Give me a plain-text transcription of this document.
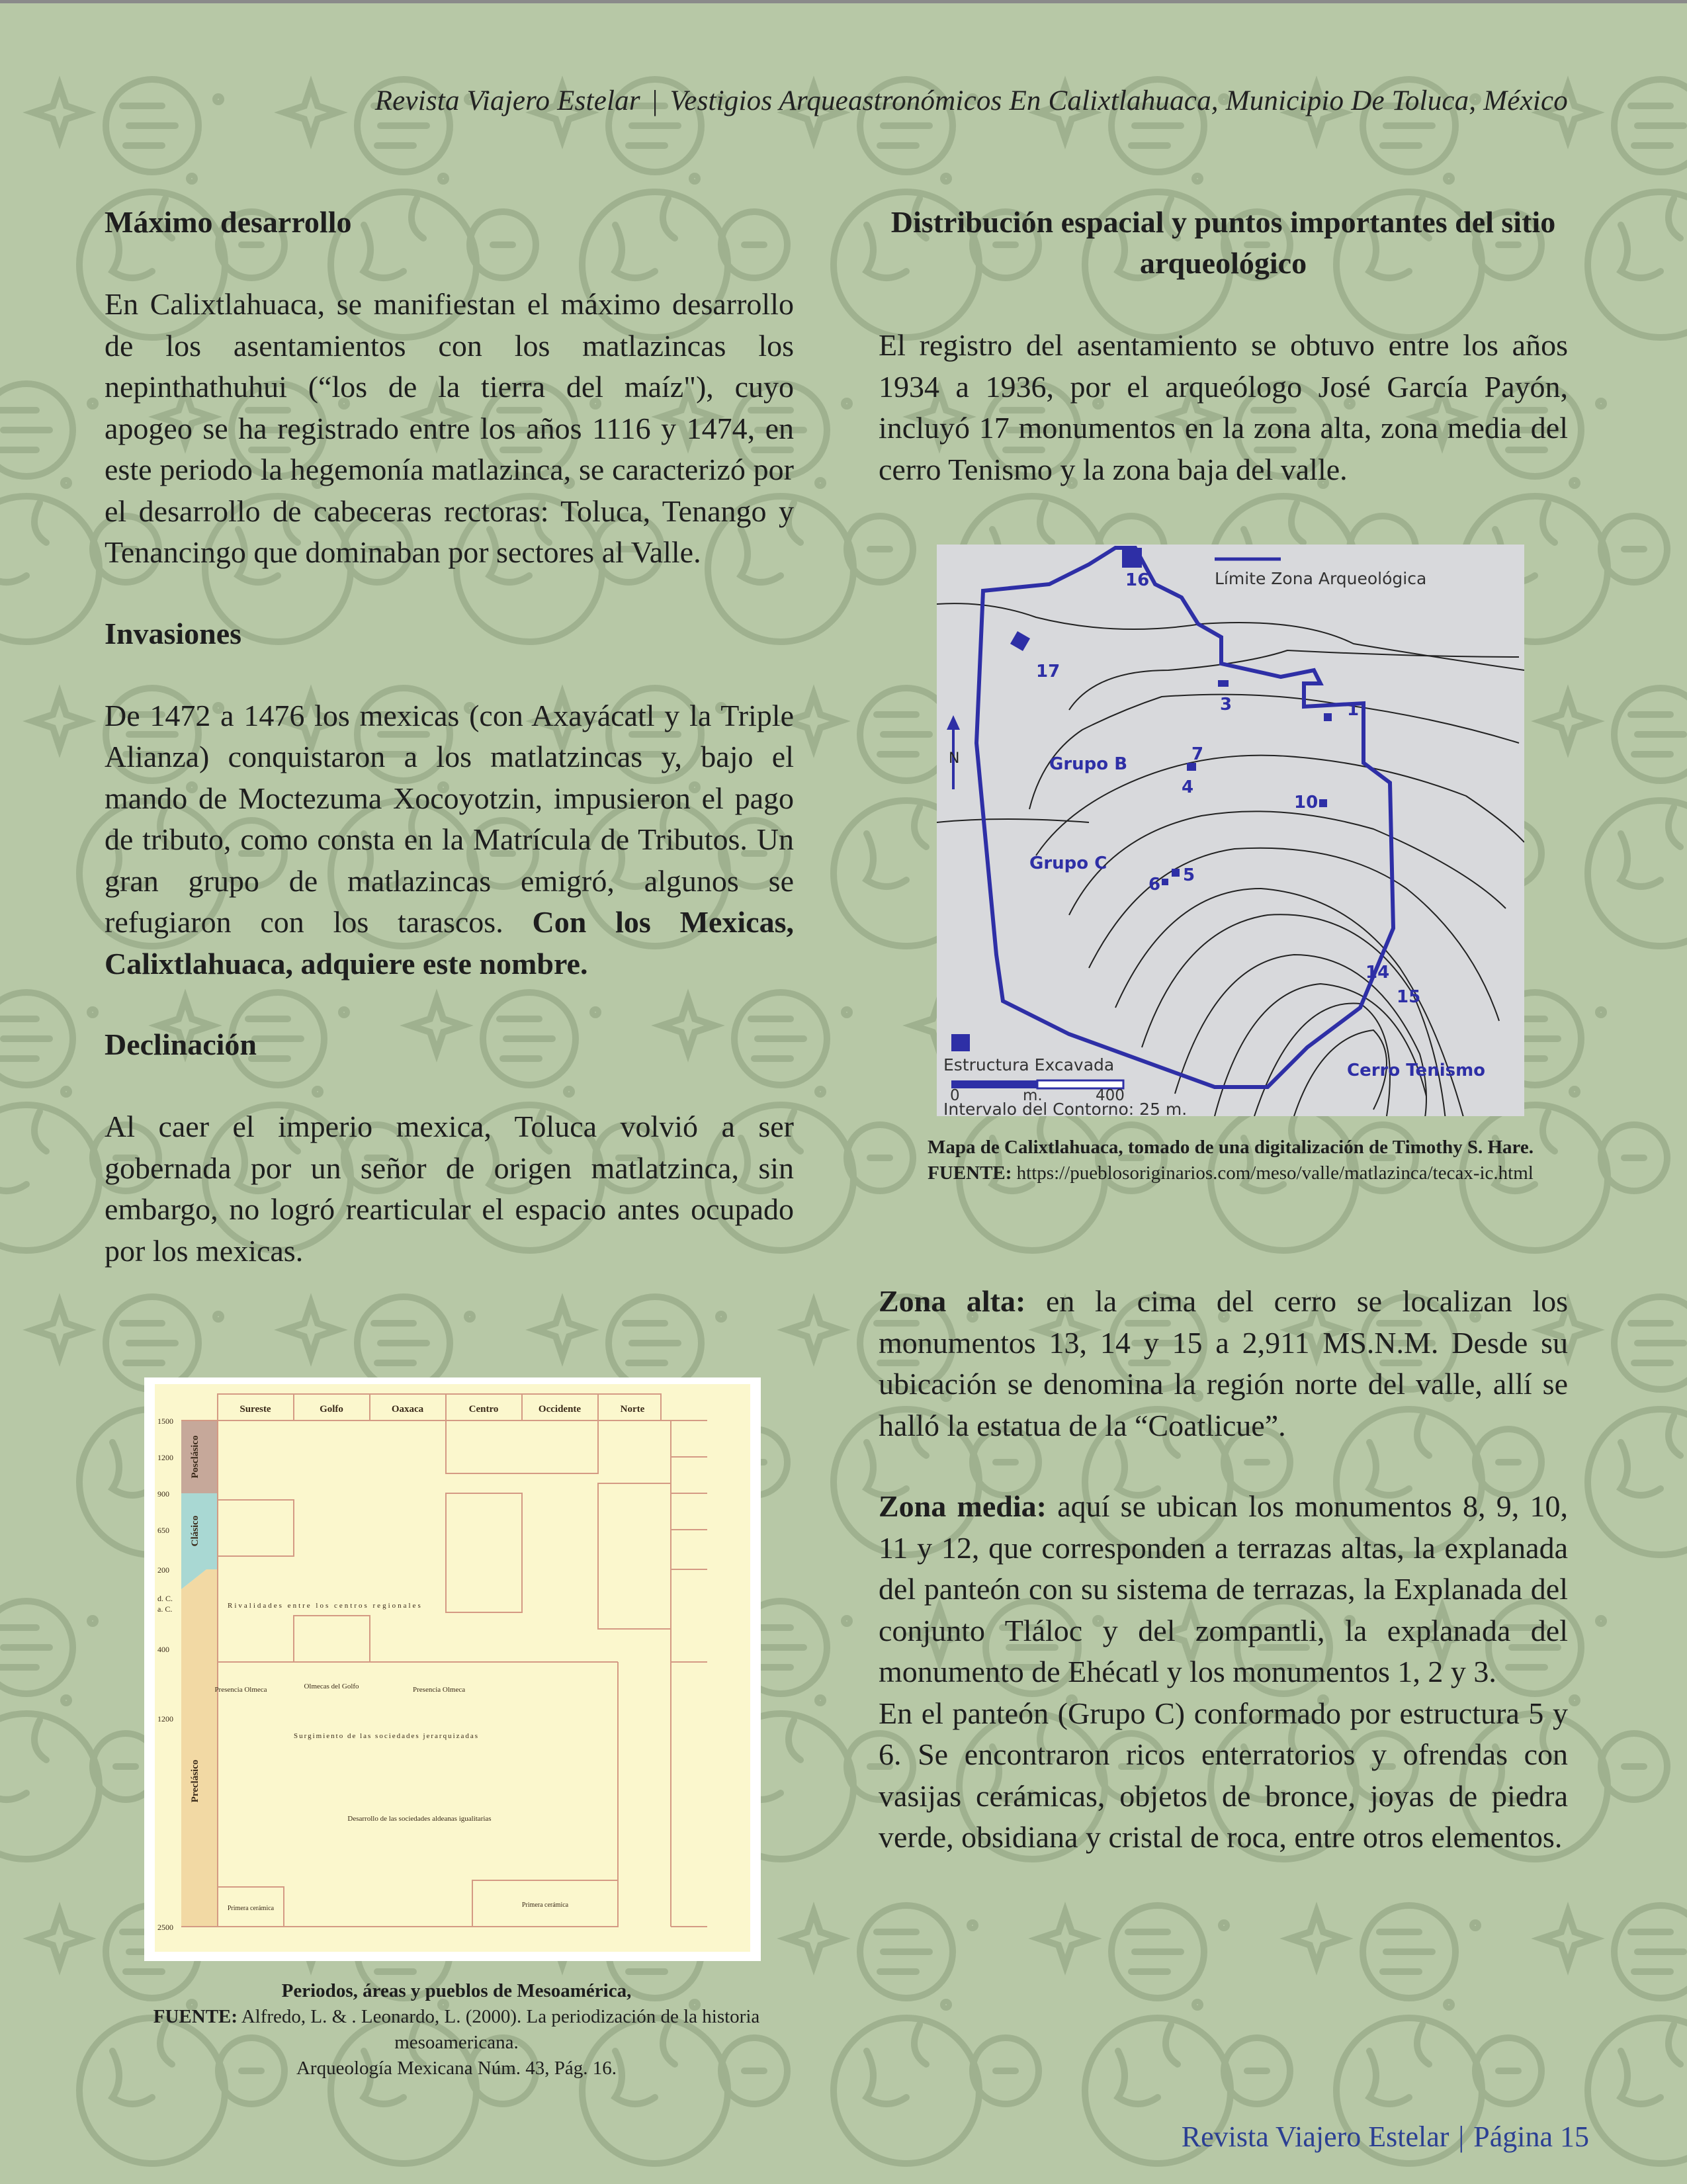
Revista Viajero Estelar | Vestigios Arqueastronómicos En Calixtlahuaca, Municipio De Toluca, México
Máximo desarrollo

En Calixtlahuaca, se manifiestan el máximo desarrollo de los asentamientos con los matlazincas los nepinthathuhui (“los de la tierra del maíz"), cuyo apogeo se ha registrado entre los años 1116 y 1474, en este periodo la hegemonía matlazinca, se caracterizó por el desarrollo de cabeceras rectoras: Toluca, Tenango y Tenancingo que dominaban por sectores al Valle.

Invasiones

De 1472 a 1476 los mexicas (con Axayácatl y la Triple Alianza) conquistaron a los matlatzincas y, bajo el mando de Moctezuma Xocoyotzin, impusieron el pago de tributo, como consta en la Matrícula de Tributos. Un gran grupo de matlazincas emigró, algunos se refugiaron con los tarascos. Con los Mexicas, Calixtlahuaca, adquiere este nombre.

Declinación

Al caer el imperio mexica, Toluca volvió a ser gobernada por un señor de origen matlatzinca, sin embargo, no logró rearticular el espacio antes ocupado por los mexicas.

Sureste	Golfo	Oaxaca	Centro	Occidente	Norte
Posclásico
Clásico
Preclásico
1500
1200
900
650
200
d. C.
a. C.
400
1200
2500
Rivalidades entre los centros regionales
Presencia Olmeca	Olmecas del Golfo	Presencia Olmeca
Surgimiento de las sociedades jerarquizadas
Desarrollo de las sociedades aldeanas igualitarias
Primera cerámica	Primera cerámica
Periodos, áreas y pueblos de Mesoamérica,
FUENTE: Alfredo, L. & . Leonardo, L. (2000). La periodización de la historia mesoamericana.
Arqueología Mexicana Núm. 43, Pág. 16.
Distribución espacial y puntos importantes del sitio arqueológico

El registro del asentamiento se obtuvo entre los años 1934 a 1936, por el arqueólogo José García Payón, incluyó 17 monumentos en la zona alta, zona media del cerro Tenismo y la zona baja del valle.

16
17
3	1
7
4
10
5
6
14
15
Grupo B
Grupo C
Cerro Tenismo
N
Límite Zona Arqueológica
Estructura Excavada
0	m.	400
Intervalo del Contorno: 25 m.
Mapa de Calixtlahuaca, tomado de una digitalización de Timothy S. Hare.
FUENTE: https://pueblosoriginarios.com/meso/valle/matlazinca/tecax-ic.html

Zona alta: en la cima del cerro se localizan los monumentos 13, 14 y 15 a 2,911 MS.N.M. Desde su ubicación se denomina la región norte del valle, allí se halló la estatua de la “Coatlicue”.

Zona media: aquí se ubican los monumentos 8, 9, 10, 11 y 12, que corresponden a terrazas altas, la explanada del panteón con su sistema de terrazas, la Explanada del conjunto Tláloc y del zompantli, la explanada del monumento de Ehécatl y los monumentos 1, 2 y 3.

En el panteón (Grupo C) conformado por estructura 5 y 6. Se encontraron ricos enterratorios y ofrendas con vasijas cerámicas, objetos de bronce, joyas de piedra verde, obsidiana y cristal de roca, entre otros elementos.

Revista Viajero Estelar | Página 15
